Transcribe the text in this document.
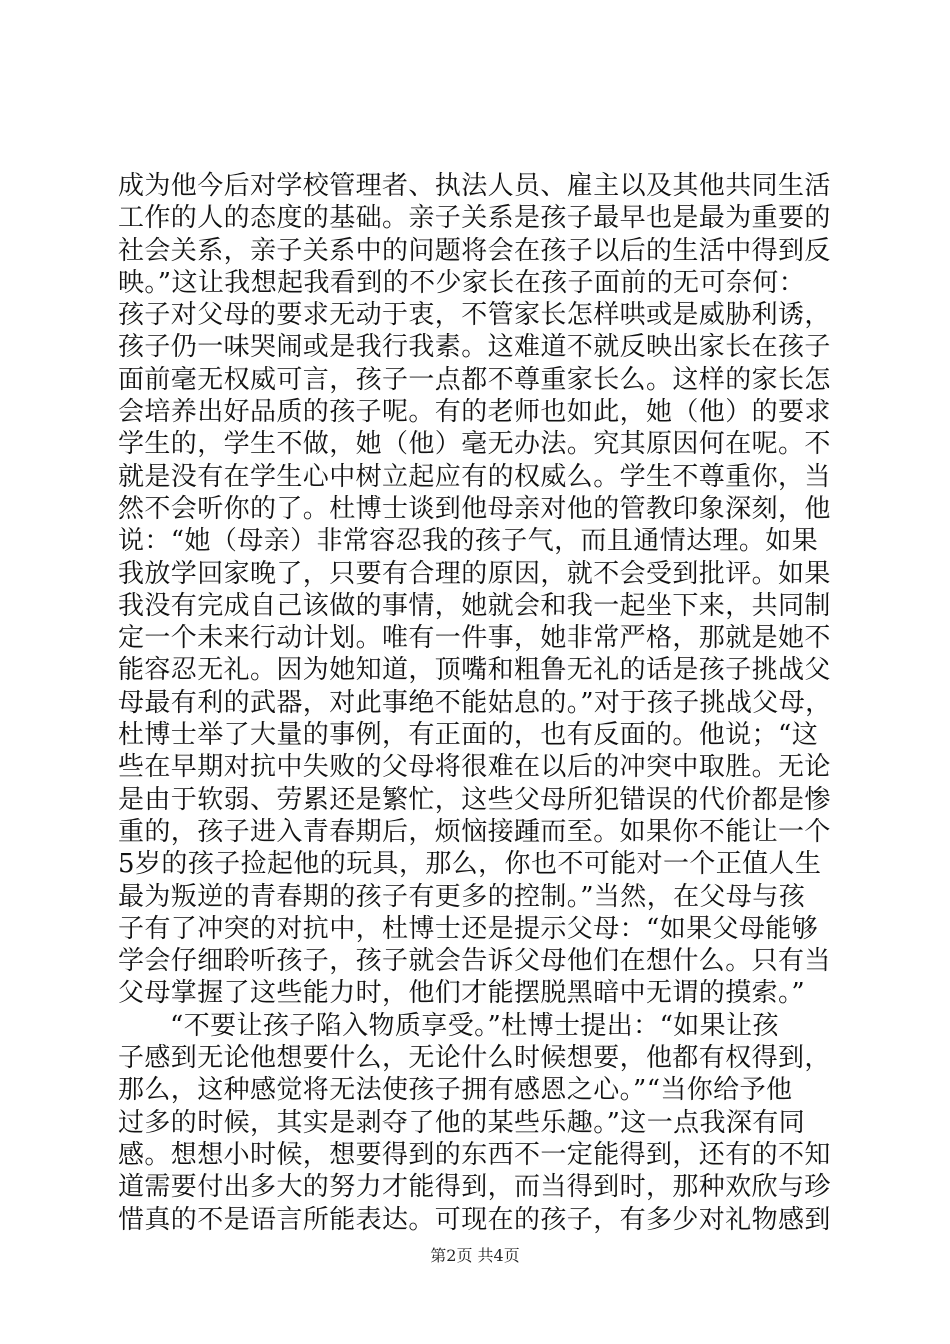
成为他今后对学校管理者、执法人员、雇主以及其他共同生活
工作的人的态度的基础。亲子关系是孩子最早也是最为重要的
社会关系，亲子关系中的问题将会在孩子以后的生活中得到反
映。”这让我想起我看到的不少家长在孩子面前的无可奈何：
孩子对父母的要求无动于衷，不管家长怎样哄或是威胁利诱，
孩子仍一味哭闹或是我行我素。这难道不就反映出家长在孩子
面前毫无权威可言，孩子一点都不尊重家长么。这样的家长怎
会培养出好品质的孩子呢。有的老师也如此，她（他）的要求
学生的，学生不做，她（他）毫无办法。究其原因何在呢。不
就是没有在学生心中树立起应有的权威么。学生不尊重你，当
然不会听你的了。杜博士谈到他母亲对他的管教印象深刻，他
说：“她（母亲）非常容忍我的孩子气，而且通情达理。如果
我放学回家晚了，只要有合理的原因，就不会受到批评。如果
我没有完成自己该做的事情，她就会和我一起坐下来，共同制
定一个未来行动计划。唯有一件事，她非常严格，那就是她不
能容忍无礼。因为她知道，顶嘴和粗鲁无礼的话是孩子挑战父
母最有利的武器，对此事绝不能姑息的。”对于孩子挑战父母，
杜博士举了大量的事例，有正面的，也有反面的。他说；“这
些在早期对抗中失败的父母将很难在以后的冲突中取胜。无论
是由于软弱、劳累还是繁忙，这些父母所犯错误的代价都是惨
重的，孩子进入青春期后，烦恼接踵而至。如果你不能让一个
5岁的孩子捡起他的玩具，那么，你也不可能对一个正值人生
最为叛逆的青春期的孩子有更多的控制。”当然，在父母与孩
子有了冲突的对抗中，杜博士还是提示父母：“如果父母能够
学会仔细聆听孩子，孩子就会告诉父母他们在想什么。只有当
父母掌握了这些能力时，他们才能摆脱黑暗中无谓的摸索。”
“不要让孩子陷入物质享受。”杜博士提出：“如果让孩
子感到无论他想要什么，无论什么时候想要，他都有权得到，
那么，这种感觉将无法使孩子拥有感恩之心。”“当你给予他
过多的时候，其实是剥夺了他的某些乐趣。”这一点我深有同
感。想想小时候，想要得到的东西不一定能得到，还有的不知
道需要付出多大的努力才能得到，而当得到时，那种欢欣与珍
惜真的不是语言所能表达。可现在的孩子，有多少对礼物感到
第2页 共4页
